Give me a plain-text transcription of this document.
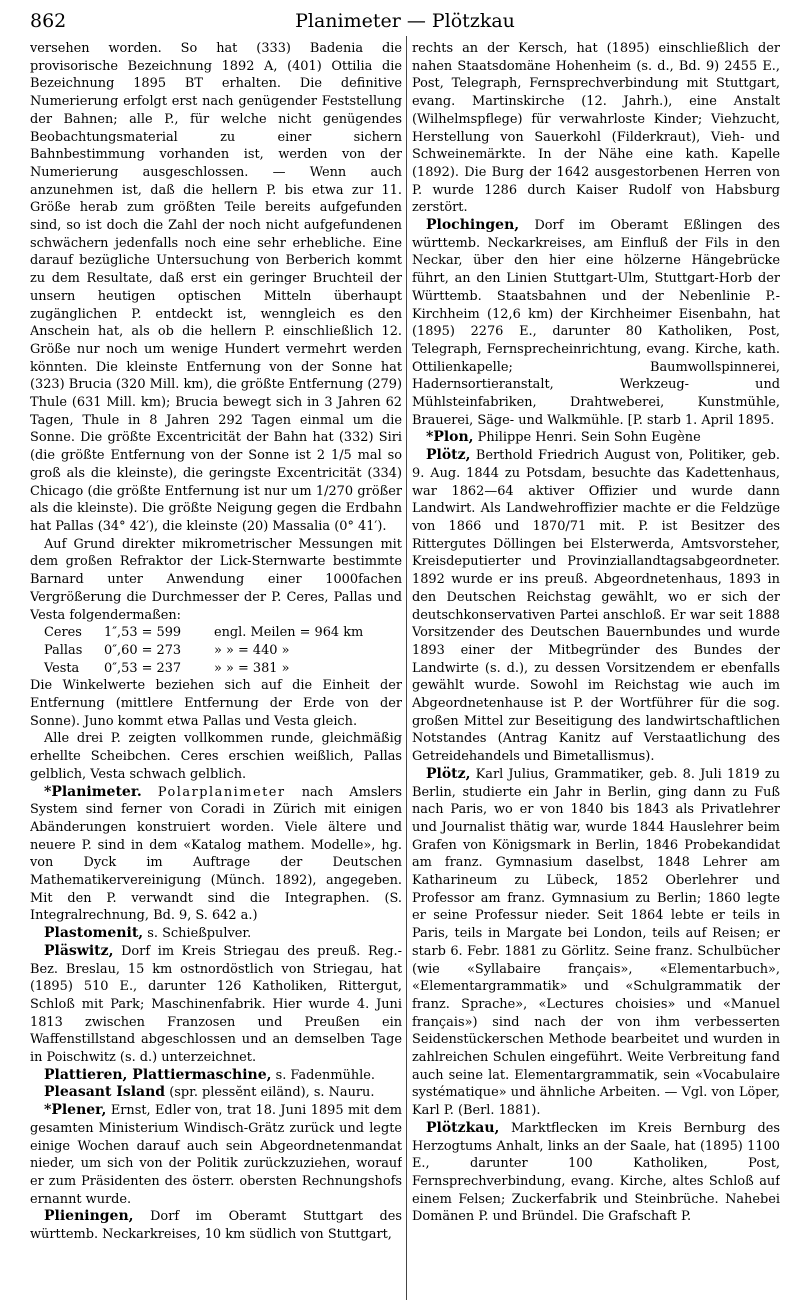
862	Planimeter — Plötzkau

versehen worden. So hat (333) Badenia die provisorische Bezeichnung 1892 A, (401) Ottilia die Bezeichnung 1895 BT erhalten. Die definitive Numerierung erfolgt erst nach genügender Feststellung der Bahnen; alle P., für welche nicht genügendes Beobachtungsmaterial zu einer sichern Bahnbestimmung vorhanden ist, werden von der Numerierung ausgeschlossen. — Wenn auch anzunehmen ist, daß die hellern P. bis etwa zur 11. Größe herab zum größten Teile bereits aufgefunden sind, so ist doch die Zahl der noch nicht aufgefundenen schwächern jedenfalls noch eine sehr erhebliche. Eine darauf bezügliche Untersuchung von Berberich kommt zu dem Resultate, daß erst ein geringer Bruchteil der unsern heutigen optischen Mitteln überhaupt zugänglichen P. entdeckt ist, wenngleich es den Anschein hat, als ob die hellern P. einschließlich 12. Größe nur noch um wenige Hundert vermehrt werden könnten. Die kleinste Entfernung von der Sonne hat (323) Brucia (320 Mill. km), die größte Entfernung (279) Thule (631 Mill. km); Brucia bewegt sich in 3 Jahren 62 Tagen, Thule in 8 Jahren 292 Tagen einmal um die Sonne. Die größte Excentricität der Bahn hat (332) Siri (die größte Entfernung von der Sonne ist 2 1/5 mal so groß als die kleinste), die geringste Excentricität (334) Chicago (die größte Entfernung ist nur um 1/270 größer als die kleinste). Die größte Neigung gegen die Erdbahn hat Pallas (34° 42′), die kleinste (20) Massalia (0° 41′).

Auf Grund direkter mikrometrischer Messungen mit dem großen Refraktor der Lick-Sternwarte bestimmte Barnard unter Anwendung einer 1000fachen Vergrößerung die Durchmesser der P. Ceres, Pallas und Vesta folgendermaßen:

Ceres	1″,53 = 599	engl. Meilen = 964 km
Pallas	0″,60 = 273	» » = 440 »
Vesta	0″,53 = 237	» » = 381 »

Die Winkelwerte beziehen sich auf die Einheit der Entfernung (mittlere Entfernung der Erde von der Sonne). Juno kommt etwa Pallas und Vesta gleich.

Alle drei P. zeigten vollkommen runde, gleichmäßig erhellte Scheibchen. Ceres erschien weißlich, Pallas gelblich, Vesta schwach gelblich.

*Planimeter. Polarplanimeter nach Amslers System sind ferner von Coradi in Zürich mit einigen Abänderungen konstruiert worden. Viele ältere und neuere P. sind in dem «Katalog mathem. Modelle», hg. von Dyck im Auftrage der Deutschen Mathematikervereinigung (Münch. 1892), angegeben. Mit den P. verwandt sind die Integraphen. (S. Integralrechnung, Bd. 9, S. 642 a.)

Plastomenit, s. Schießpulver.

Pläswitz, Dorf im Kreis Striegau des preuß. Reg.-Bez. Breslau, 15 km ostnordöstlich von Striegau, hat (1895) 510 E., darunter 126 Katholiken, Rittergut, Schloß mit Park; Maschinenfabrik. Hier wurde 4. Juni 1813 zwischen Franzosen und Preußen ein Waffenstillstand abgeschlossen und an demselben Tage in Poischwitz (s. d.) unterzeichnet.

Plattieren, Plattiermaschine, s. Fadenmühle.

Pleasant Island (spr. plessĕnt eiländ), s. Nauru.

*Plener, Ernst, Edler von, trat 18. Juni 1895 mit dem gesamten Ministerium Windisch-Grätz zurück und legte einige Wochen darauf auch sein Abgeordnetenmandat nieder, um sich von der Politik zurückzuziehen, worauf er zum Präsidenten des österr. obersten Rechnungshofs ernannt wurde.

Plieningen, Dorf im Oberamt Stuttgart des württemb. Neckarkreises, 10 km südlich von Stuttgart,

rechts an der Kersch, hat (1895) einschließlich der nahen Staatsdomäne Hohenheim (s. d., Bd. 9) 2455 E., Post, Telegraph, Fernsprechverbindung mit Stuttgart, evang. Martinskirche (12. Jahrh.), eine Anstalt (Wilhelmspflege) für verwahrloste Kinder; Viehzucht, Herstellung von Sauerkohl (Filderkraut), Vieh- und Schweinemärkte. In der Nähe eine kath. Kapelle (1892). Die Burg der 1642 ausgestorbenen Herren von P. wurde 1286 durch Kaiser Rudolf von Habsburg zerstört.

Plochingen, Dorf im Oberamt Eßlingen des württemb. Neckarkreises, am Einfluß der Fils in den Neckar, über den hier eine hölzerne Hängebrücke führt, an den Linien Stuttgart-Ulm, Stuttgart-Horb der Württemb. Staatsbahnen und der Nebenlinie P.-Kirchheim (12,6 km) der Kirchheimer Eisenbahn, hat (1895) 2276 E., darunter 80 Katholiken, Post, Telegraph, Fernsprecheinrichtung, evang. Kirche, kath. Ottilienkapelle; Baumwollspinnerei, Hadernsortieranstalt, Werkzeug- und Mühlsteinfabriken, Drahtweberei, Kunstmühle, Brauerei, Säge- und Walkmühle. [P. starb 1. April 1895.

*Plon, Philippe Henri. Sein Sohn Eugène

Plötz, Berthold Friedrich August von, Politiker, geb. 9. Aug. 1844 zu Potsdam, besuchte das Kadettenhaus, war 1862—64 aktiver Offizier und wurde dann Landwirt. Als Landwehroffizier machte er die Feldzüge von 1866 und 1870/71 mit. P. ist Besitzer des Rittergutes Döllingen bei Elsterwerda, Amtsvorsteher, Kreisdeputierter und Provinziallandtagsabgeordneter. 1892 wurde er ins preuß. Abgeordnetenhaus, 1893 in den Deutschen Reichstag gewählt, wo er sich der deutschkonservativen Partei anschloß. Er war seit 1888 Vorsitzender des Deutschen Bauernbundes und wurde 1893 einer der Mitbegründer des Bundes der Landwirte (s. d.), zu dessen Vorsitzendem er ebenfalls gewählt wurde. Sowohl im Reichstag wie auch im Abgeordnetenhause ist P. der Wortführer für die sog. großen Mittel zur Beseitigung des landwirtschaftlichen Notstandes (Antrag Kanitz auf Verstaatlichung des Getreidehandels und Bimetallismus).

Plötz, Karl Julius, Grammatiker, geb. 8. Juli 1819 zu Berlin, studierte ein Jahr in Berlin, ging dann zu Fuß nach Paris, wo er von 1840 bis 1843 als Privatlehrer und Journalist thätig war, wurde 1844 Hauslehrer beim Grafen von Königsmark in Berlin, 1846 Probekandidat am franz. Gymnasium daselbst, 1848 Lehrer am Katharineum zu Lübeck, 1852 Oberlehrer und Professor am franz. Gymnasium zu Berlin; 1860 legte er seine Professur nieder. Seit 1864 lebte er teils in Paris, teils in Margate bei London, teils auf Reisen; er starb 6. Febr. 1881 zu Görlitz. Seine franz. Schulbücher (wie «Syllabaire français», «Elementarbuch», «Elementargrammatik» und «Schulgrammatik der franz. Sprache», «Lectures choisies» und «Manuel français») sind nach der von ihm verbesserten Seidenstückerschen Methode bearbeitet und wurden in zahlreichen Schulen eingeführt. Weite Verbreitung fand auch seine lat. Elementargrammatik, sein «Vocabulaire systématique» und ähnliche Arbeiten. — Vgl. von Löper, Karl P. (Berl. 1881).

Plötzkau, Marktflecken im Kreis Bernburg des Herzogtums Anhalt, links an der Saale, hat (1895) 1100 E., darunter 100 Katholiken, Post, Fernsprechverbindung, evang. Kirche, altes Schloß auf einem Felsen; Zuckerfabrik und Steinbrüche. Nahebei Domänen P. und Bründel. Die Grafschaft P.
